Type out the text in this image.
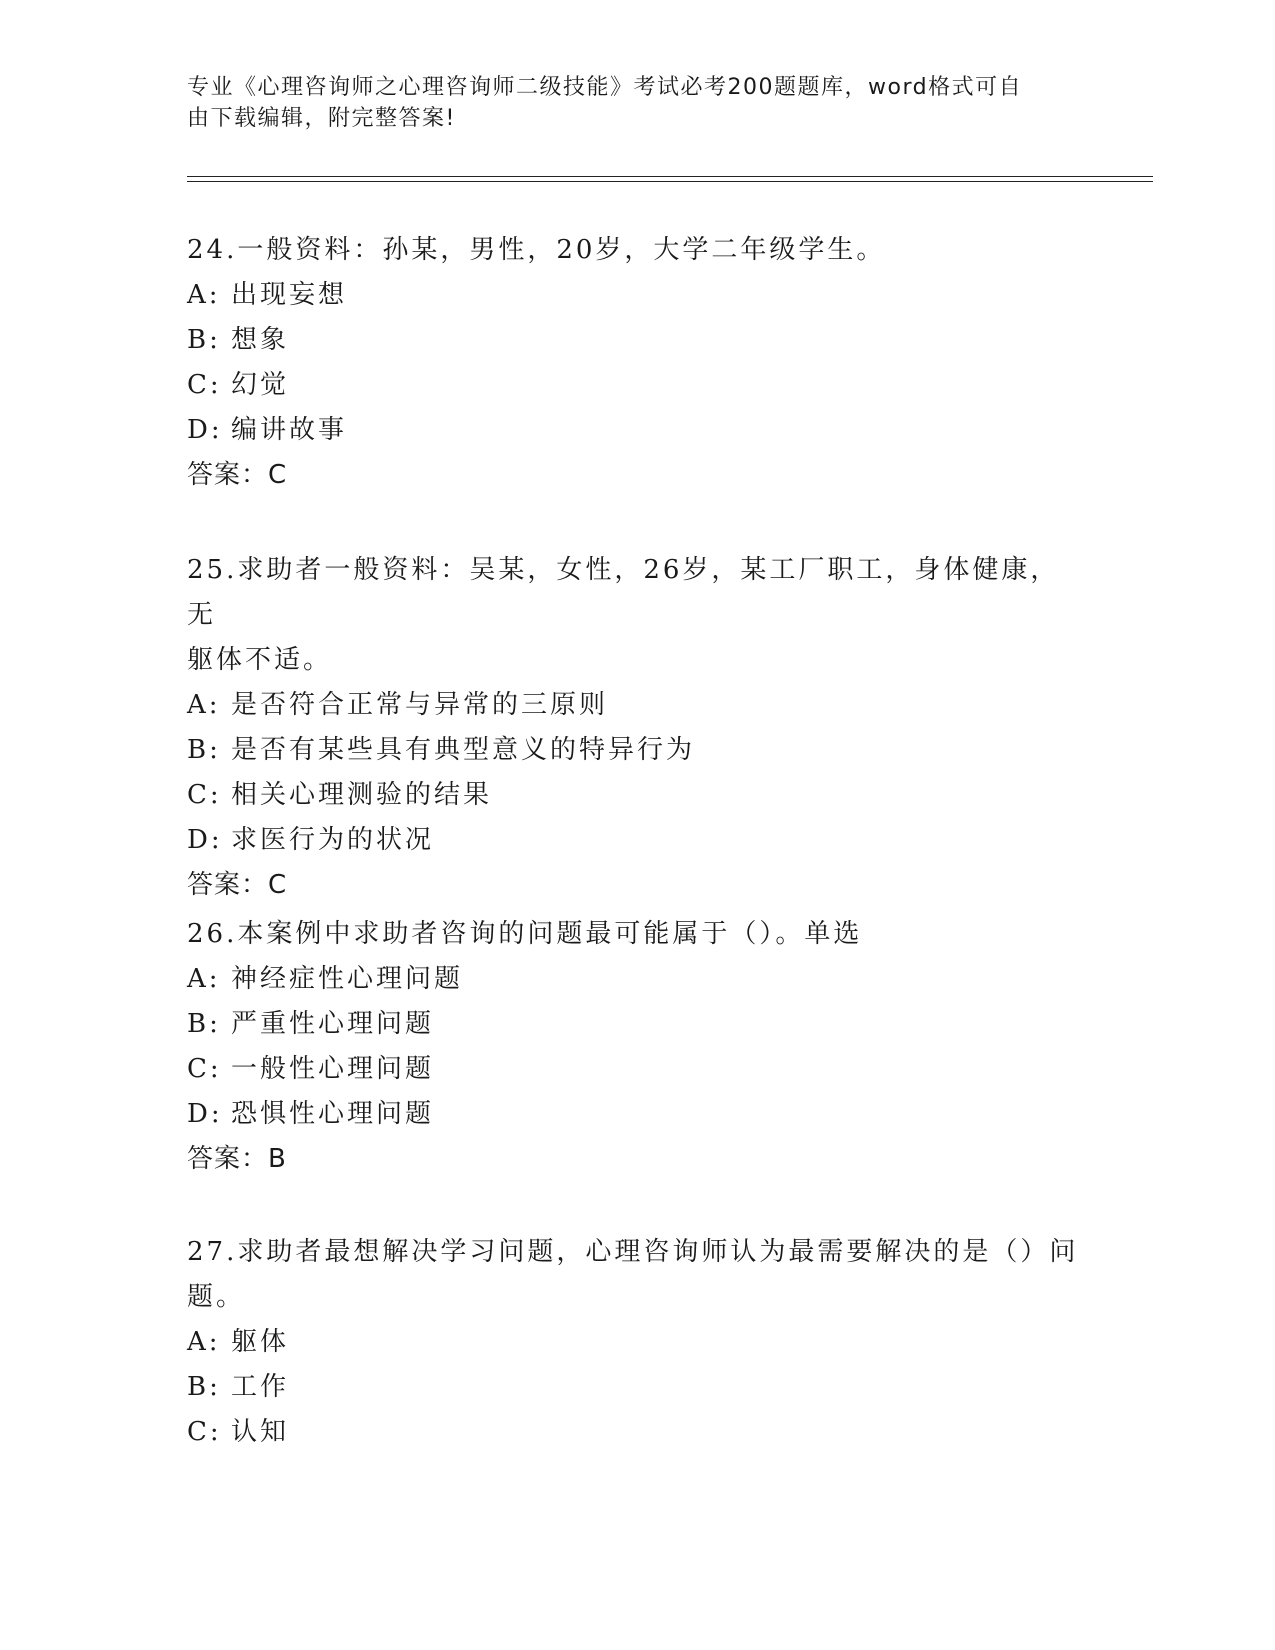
专业《心理咨询师之心理咨询师二级技能》考试必考200题题库，word格式可自
由下载编辑，附完整答案!
24.一般资料：孙某，男性，20岁，大学二年级学生。
A: 出现妄想
B: 想象
C: 幻觉
D: 编讲故事
答案：C
25.求助者一般资料：吴某，女性，26岁，某工厂职工，身体健康，无
躯体不适。
A: 是否符合正常与异常的三原则
B: 是否有某些具有典型意义的特异行为
C: 相关心理测验的结果
D: 求医行为的状况
答案：C
26.本案例中求助者咨询的问题最可能属于（）。单选
A: 神经症性心理问题
B: 严重性心理问题
C: 一般性心理问题
D: 恐惧性心理问题
答案：B
27.求助者最想解决学习问题，心理咨询师认为最需要解决的是（）问
题。
A: 躯体
B: 工作
C: 认知
